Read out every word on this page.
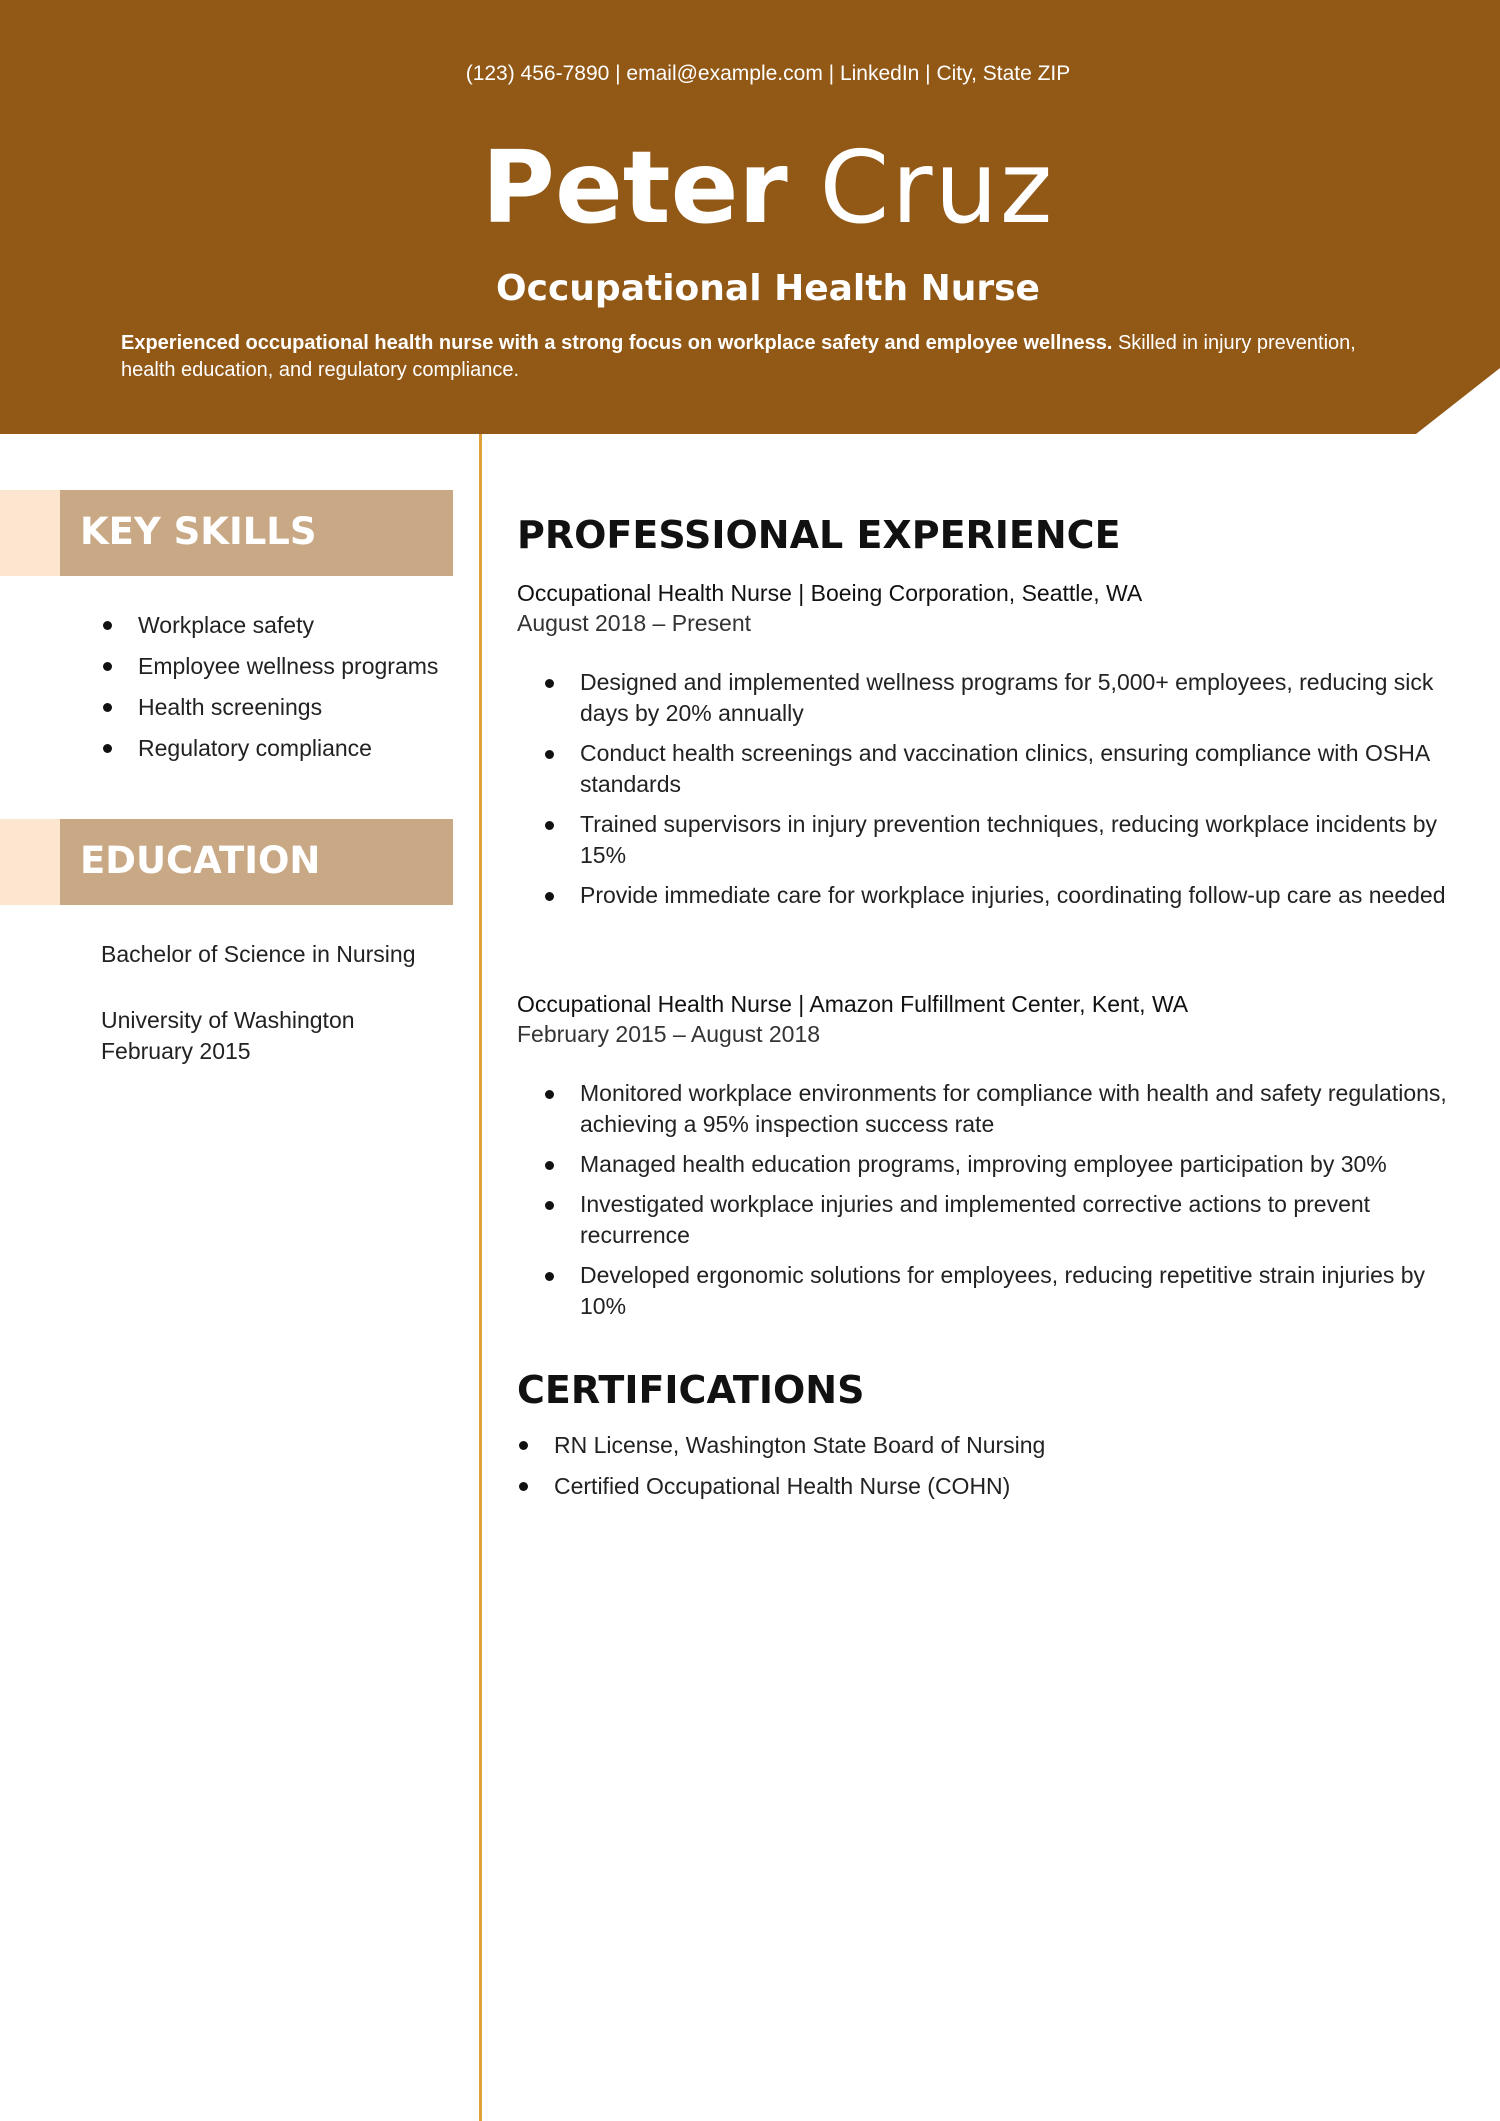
(123) 456-7890 | email@example.com | LinkedIn | City, State ZIP
Peter Cruz
Occupational Health Nurse
Experienced occupational health nurse with a strong focus on workplace safety and employee wellness. Skilled in injury prevention, health education, and regulatory compliance.
KEY SKILLS
Workplace safety
Employee wellness programs
Health screenings
Regulatory compliance
EDUCATION
Bachelor of Science in Nursing
University of Washington
February 2015
PROFESSIONAL EXPERIENCE
Occupational Health Nurse | Boeing Corporation, Seattle, WA
August 2018 – Present
Designed and implemented wellness programs for 5,000+ employees, reducing sick days by 20% annually
Conduct health screenings and vaccination clinics, ensuring compliance with OSHA standards
Trained supervisors in injury prevention techniques, reducing workplace incidents by 15%
Provide immediate care for workplace injuries, coordinating follow-up care as needed
Occupational Health Nurse | Amazon Fulfillment Center, Kent, WA
February 2015 – August 2018
Monitored workplace environments for compliance with health and safety regulations, achieving a 95% inspection success rate
Managed health education programs, improving employee participation by 30%
Investigated workplace injuries and implemented corrective actions to prevent recurrence
Developed ergonomic solutions for employees, reducing repetitive strain injuries by 10%
CERTIFICATIONS
RN License, Washington State Board of Nursing
Certified Occupational Health Nurse (COHN)
